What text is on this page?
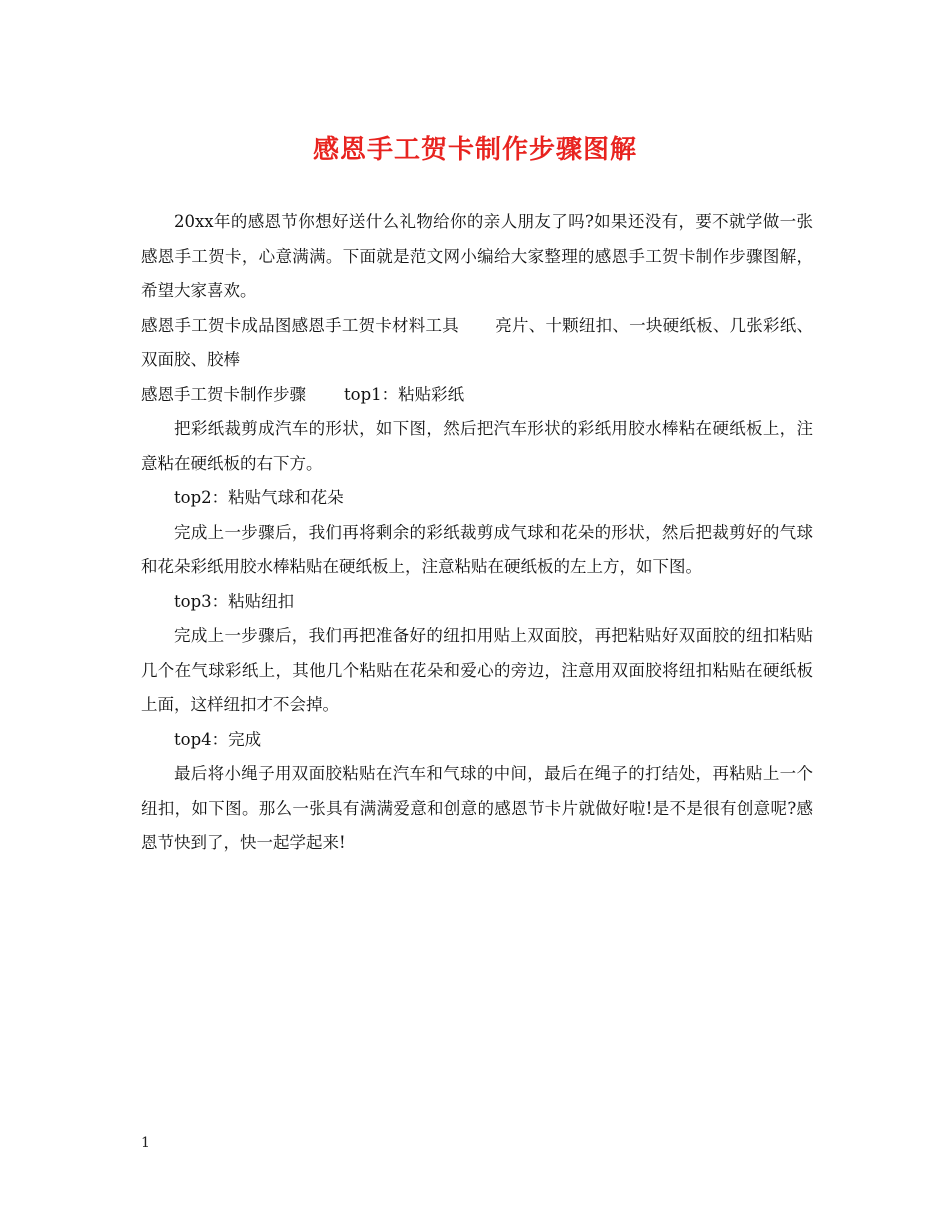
感恩手工贺卡制作步骤图解

20xx年的感恩节你想好送什么礼物给你的亲人朋友了吗?如果还没有，要不就学做一张感恩手工贺卡，心意满满。下面就是范文网小编给大家整理的感恩手工贺卡制作步骤图解，希望大家喜欢。

感恩手工贺卡成品图感恩手工贺卡材料工具 亮片、十颗纽扣、一块硬纸板、几张彩纸、双面胶、胶棒

感恩手工贺卡制作步骤 top1：粘贴彩纸

把彩纸裁剪成汽车的形状，如下图，然后把汽车形状的彩纸用胶水棒粘在硬纸板上，注意粘在硬纸板的右下方。

top2：粘贴气球和花朵

完成上一步骤后，我们再将剩余的彩纸裁剪成气球和花朵的形状，然后把裁剪好的气球和花朵彩纸用胶水棒粘贴在硬纸板上，注意粘贴在硬纸板的左上方，如下图。

top3：粘贴纽扣

完成上一步骤后，我们再把准备好的纽扣用贴上双面胶，再把粘贴好双面胶的纽扣粘贴几个在气球彩纸上，其他几个粘贴在花朵和爱心的旁边，注意用双面胶将纽扣粘贴在硬纸板上面，这样纽扣才不会掉。

top4：完成

最后将小绳子用双面胶粘贴在汽车和气球的中间，最后在绳子的打结处，再粘贴上一个纽扣，如下图。那么一张具有满满爱意和创意的感恩节卡片就做好啦!是不是很有创意呢?感恩节快到了，快一起学起来!

1
